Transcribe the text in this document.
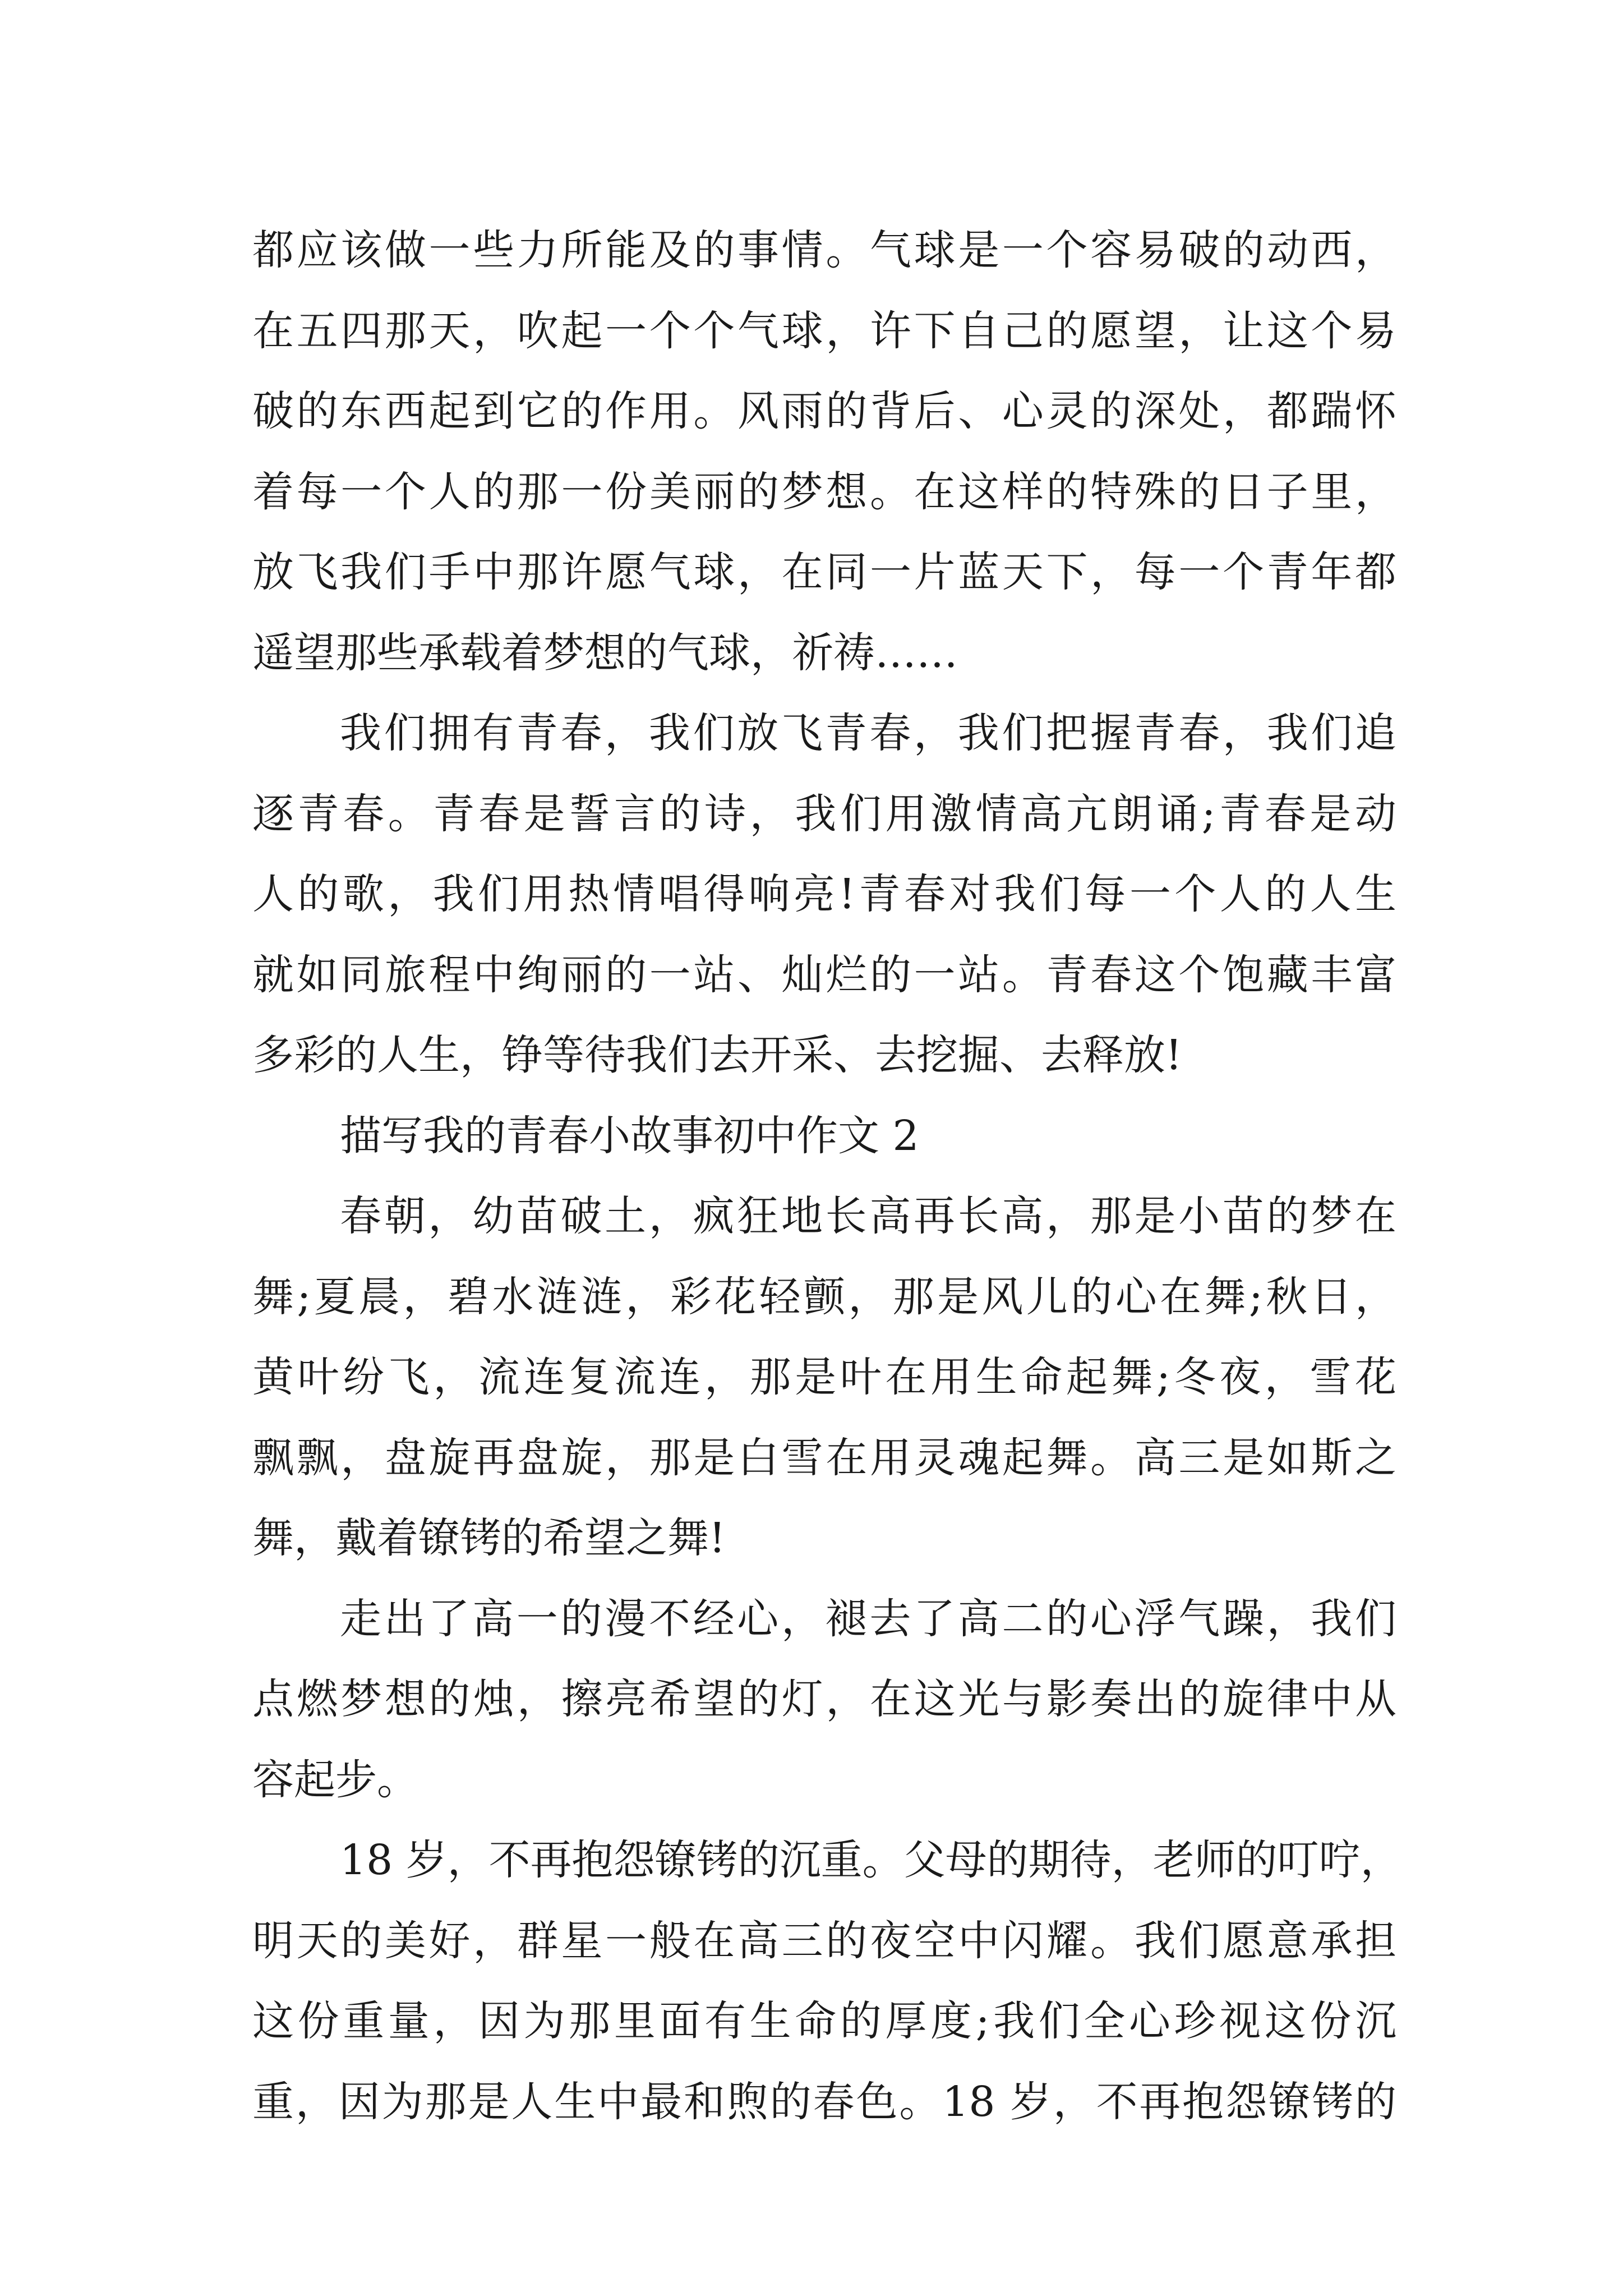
都应该做一些力所能及的事情。气球是一个容易破的动西，
在五四那天，吹起一个个气球，许下自己的愿望，让这个易
破的东西起到它的作用。风雨的背后、心灵的深处，都踹怀
着每一个人的那一份美丽的梦想。在这样的特殊的日子里，
放飞我们手中那许愿气球，在同一片蓝天下，每一个青年都
遥望那些承载着梦想的气球，祈祷……
我们拥有青春，我们放飞青春，我们把握青春，我们追
逐青春。青春是誓言的诗，我们用激情高亢朗诵;青春是动
人的歌，我们用热情唱得响亮!青春对我们每一个人的人生
就如同旅程中绚丽的一站、灿烂的一站。青春这个饱藏丰富
多彩的人生，铮等待我们去开采、去挖掘、去释放!
描写我的青春小故事初中作文 2
春朝，幼苗破土，疯狂地长高再长高，那是小苗的梦在
舞;夏晨，碧水涟涟，彩花轻颤，那是风儿的心在舞;秋日，
黄叶纷飞，流连复流连，那是叶在用生命起舞;冬夜，雪花
飘飘，盘旋再盘旋，那是白雪在用灵魂起舞。高三是如斯之
舞，戴着镣铐的希望之舞!
走出了高一的漫不经心，褪去了高二的心浮气躁，我们
点燃梦想的烛，擦亮希望的灯，在这光与影奏出的旋律中从
容起步。
18 岁，不再抱怨镣铐的沉重。父母的期待，老师的叮咛，
明天的美好，群星一般在高三的夜空中闪耀。我们愿意承担
这份重量，因为那里面有生命的厚度;我们全心珍视这份沉
重，因为那是人生中最和煦的春色。18 岁，不再抱怨镣铐的
